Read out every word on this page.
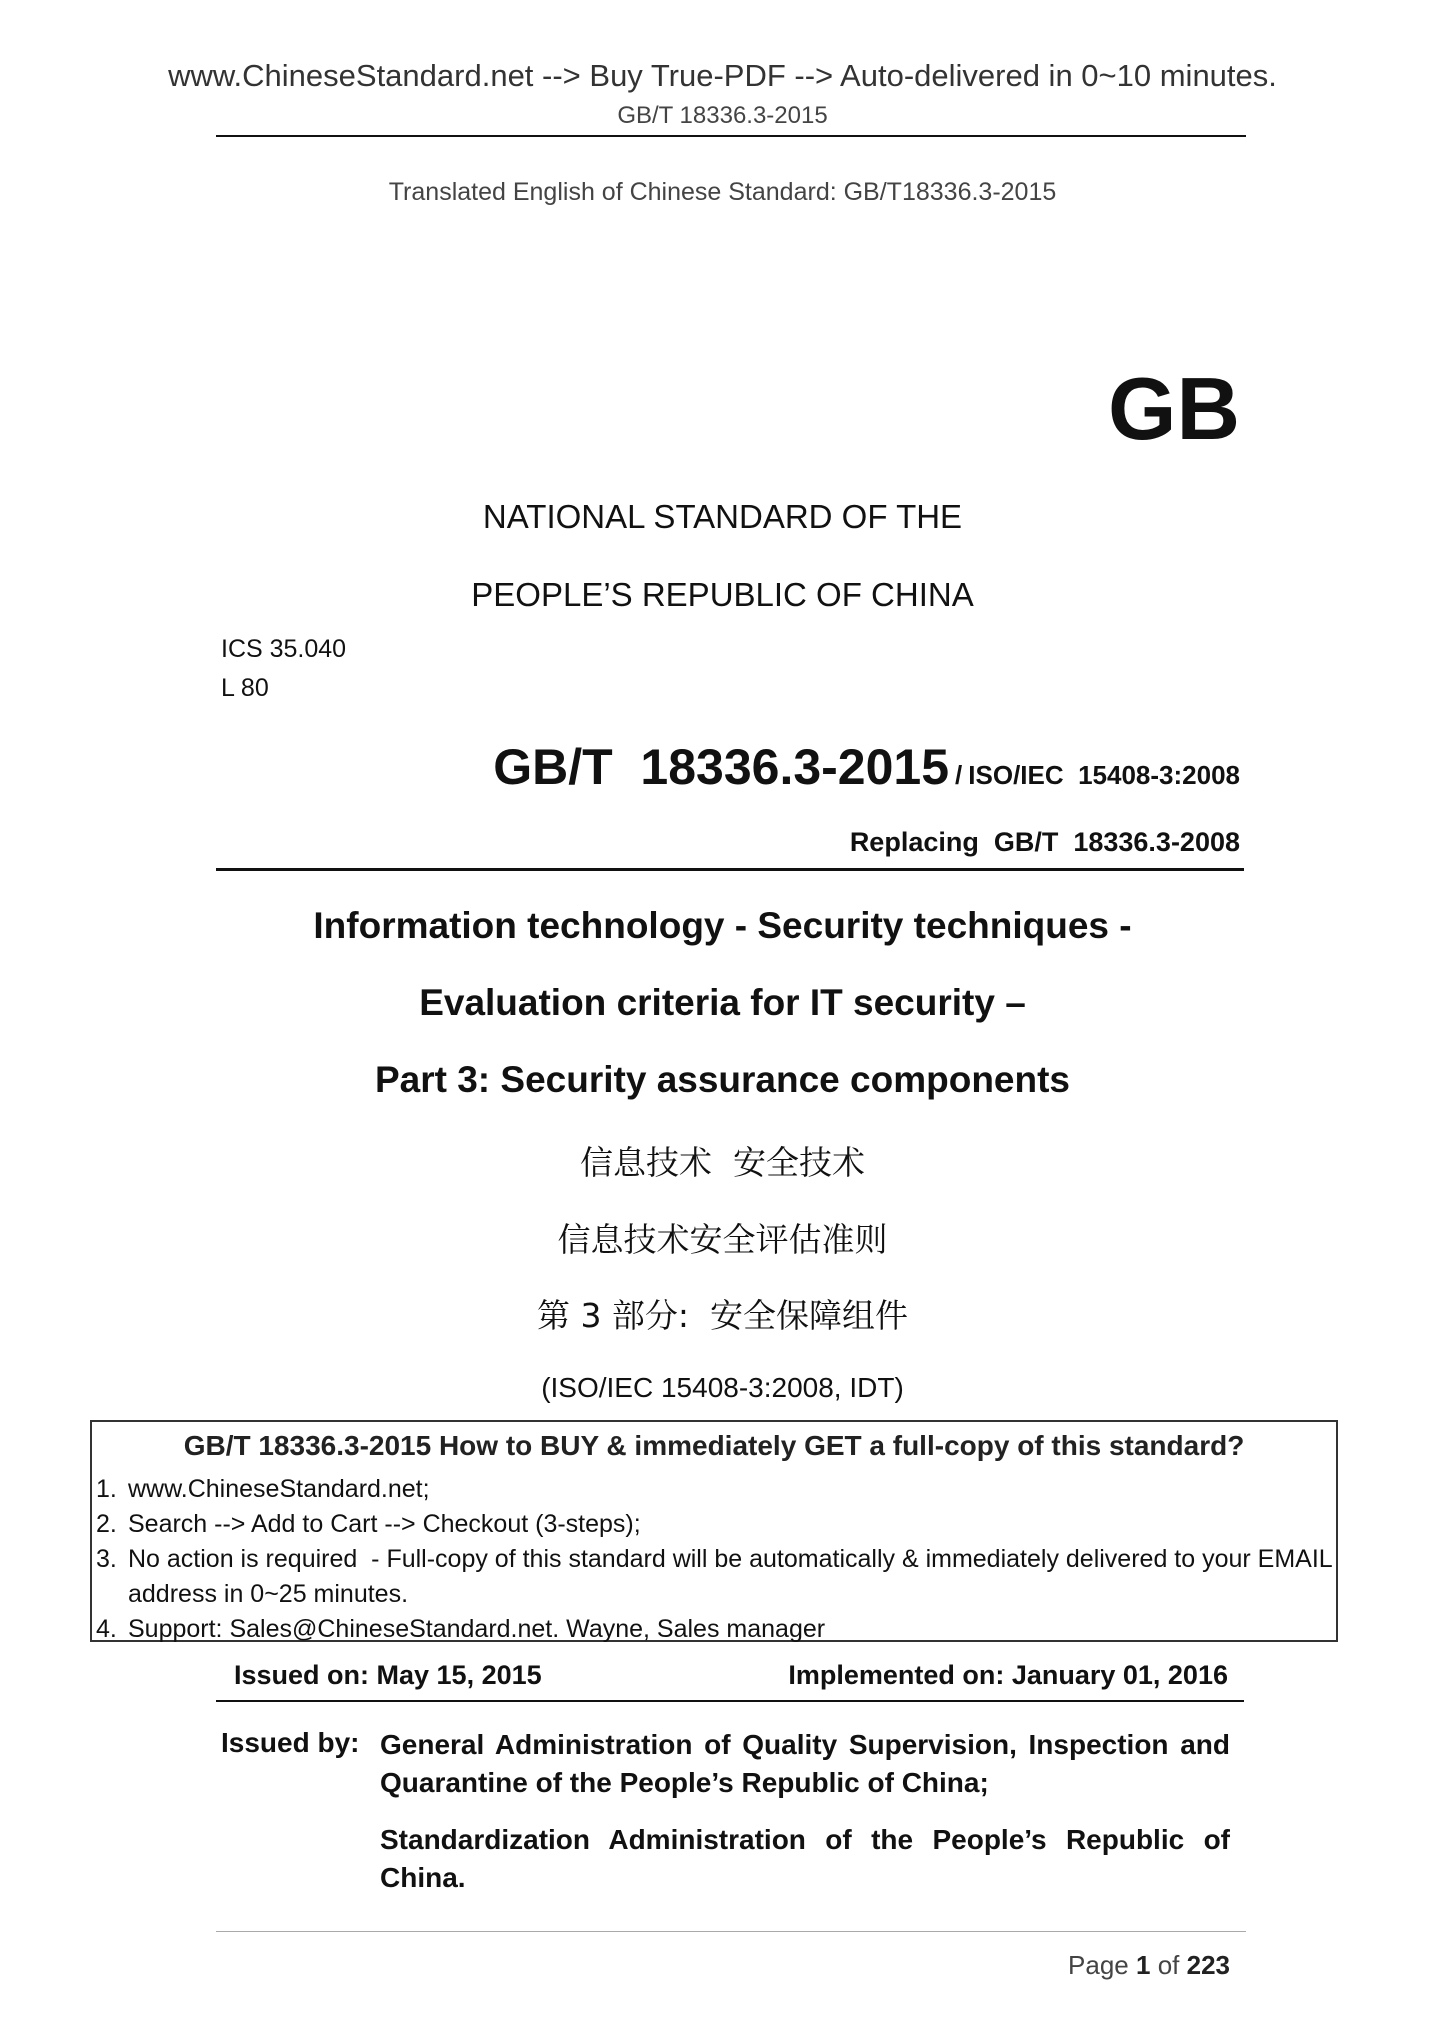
www.ChineseStandard.net --> Buy True-PDF --> Auto-delivered in 0~10 minutes.
GB/T 18336.3-2015
Translated English of Chinese Standard: GB/T18336.3-2015
GB
NATIONAL STANDARD OF THE
PEOPLE’S REPUBLIC OF CHINA
ICS 35.040
L 80
GB/T  18336.3-2015 / ISO/IEC  15408-3:2008
Replacing  GB/T  18336.3-2008
Information technology - Security techniques -
Evaluation criteria for IT security –
Part 3: Security assurance components
信息技术  安全技术
信息技术安全评估准则
第 3 部分:  安全保障组件
(ISO/IEC 15408-3:2008, IDT)
GB/T 18336.3-2015 How to BUY & immediately GET a full-copy of this standard?
1. www.ChineseStandard.net;
2. Search --> Add to Cart --> Checkout (3-steps);
3. No action is required  - Full-copy of this standard will be automatically & immediately delivered to your EMAIL address in 0~25 minutes.
4. Support: Sales@ChineseStandard.net. Wayne, Sales manager
Issued on: May 15, 2015	Implemented on: January 01, 2016
Issued by: General Administration of Quality Supervision, Inspection and Quarantine of the People’s Republic of China;
Standardization Administration of the People’s Republic of China.
Page 1 of 223
